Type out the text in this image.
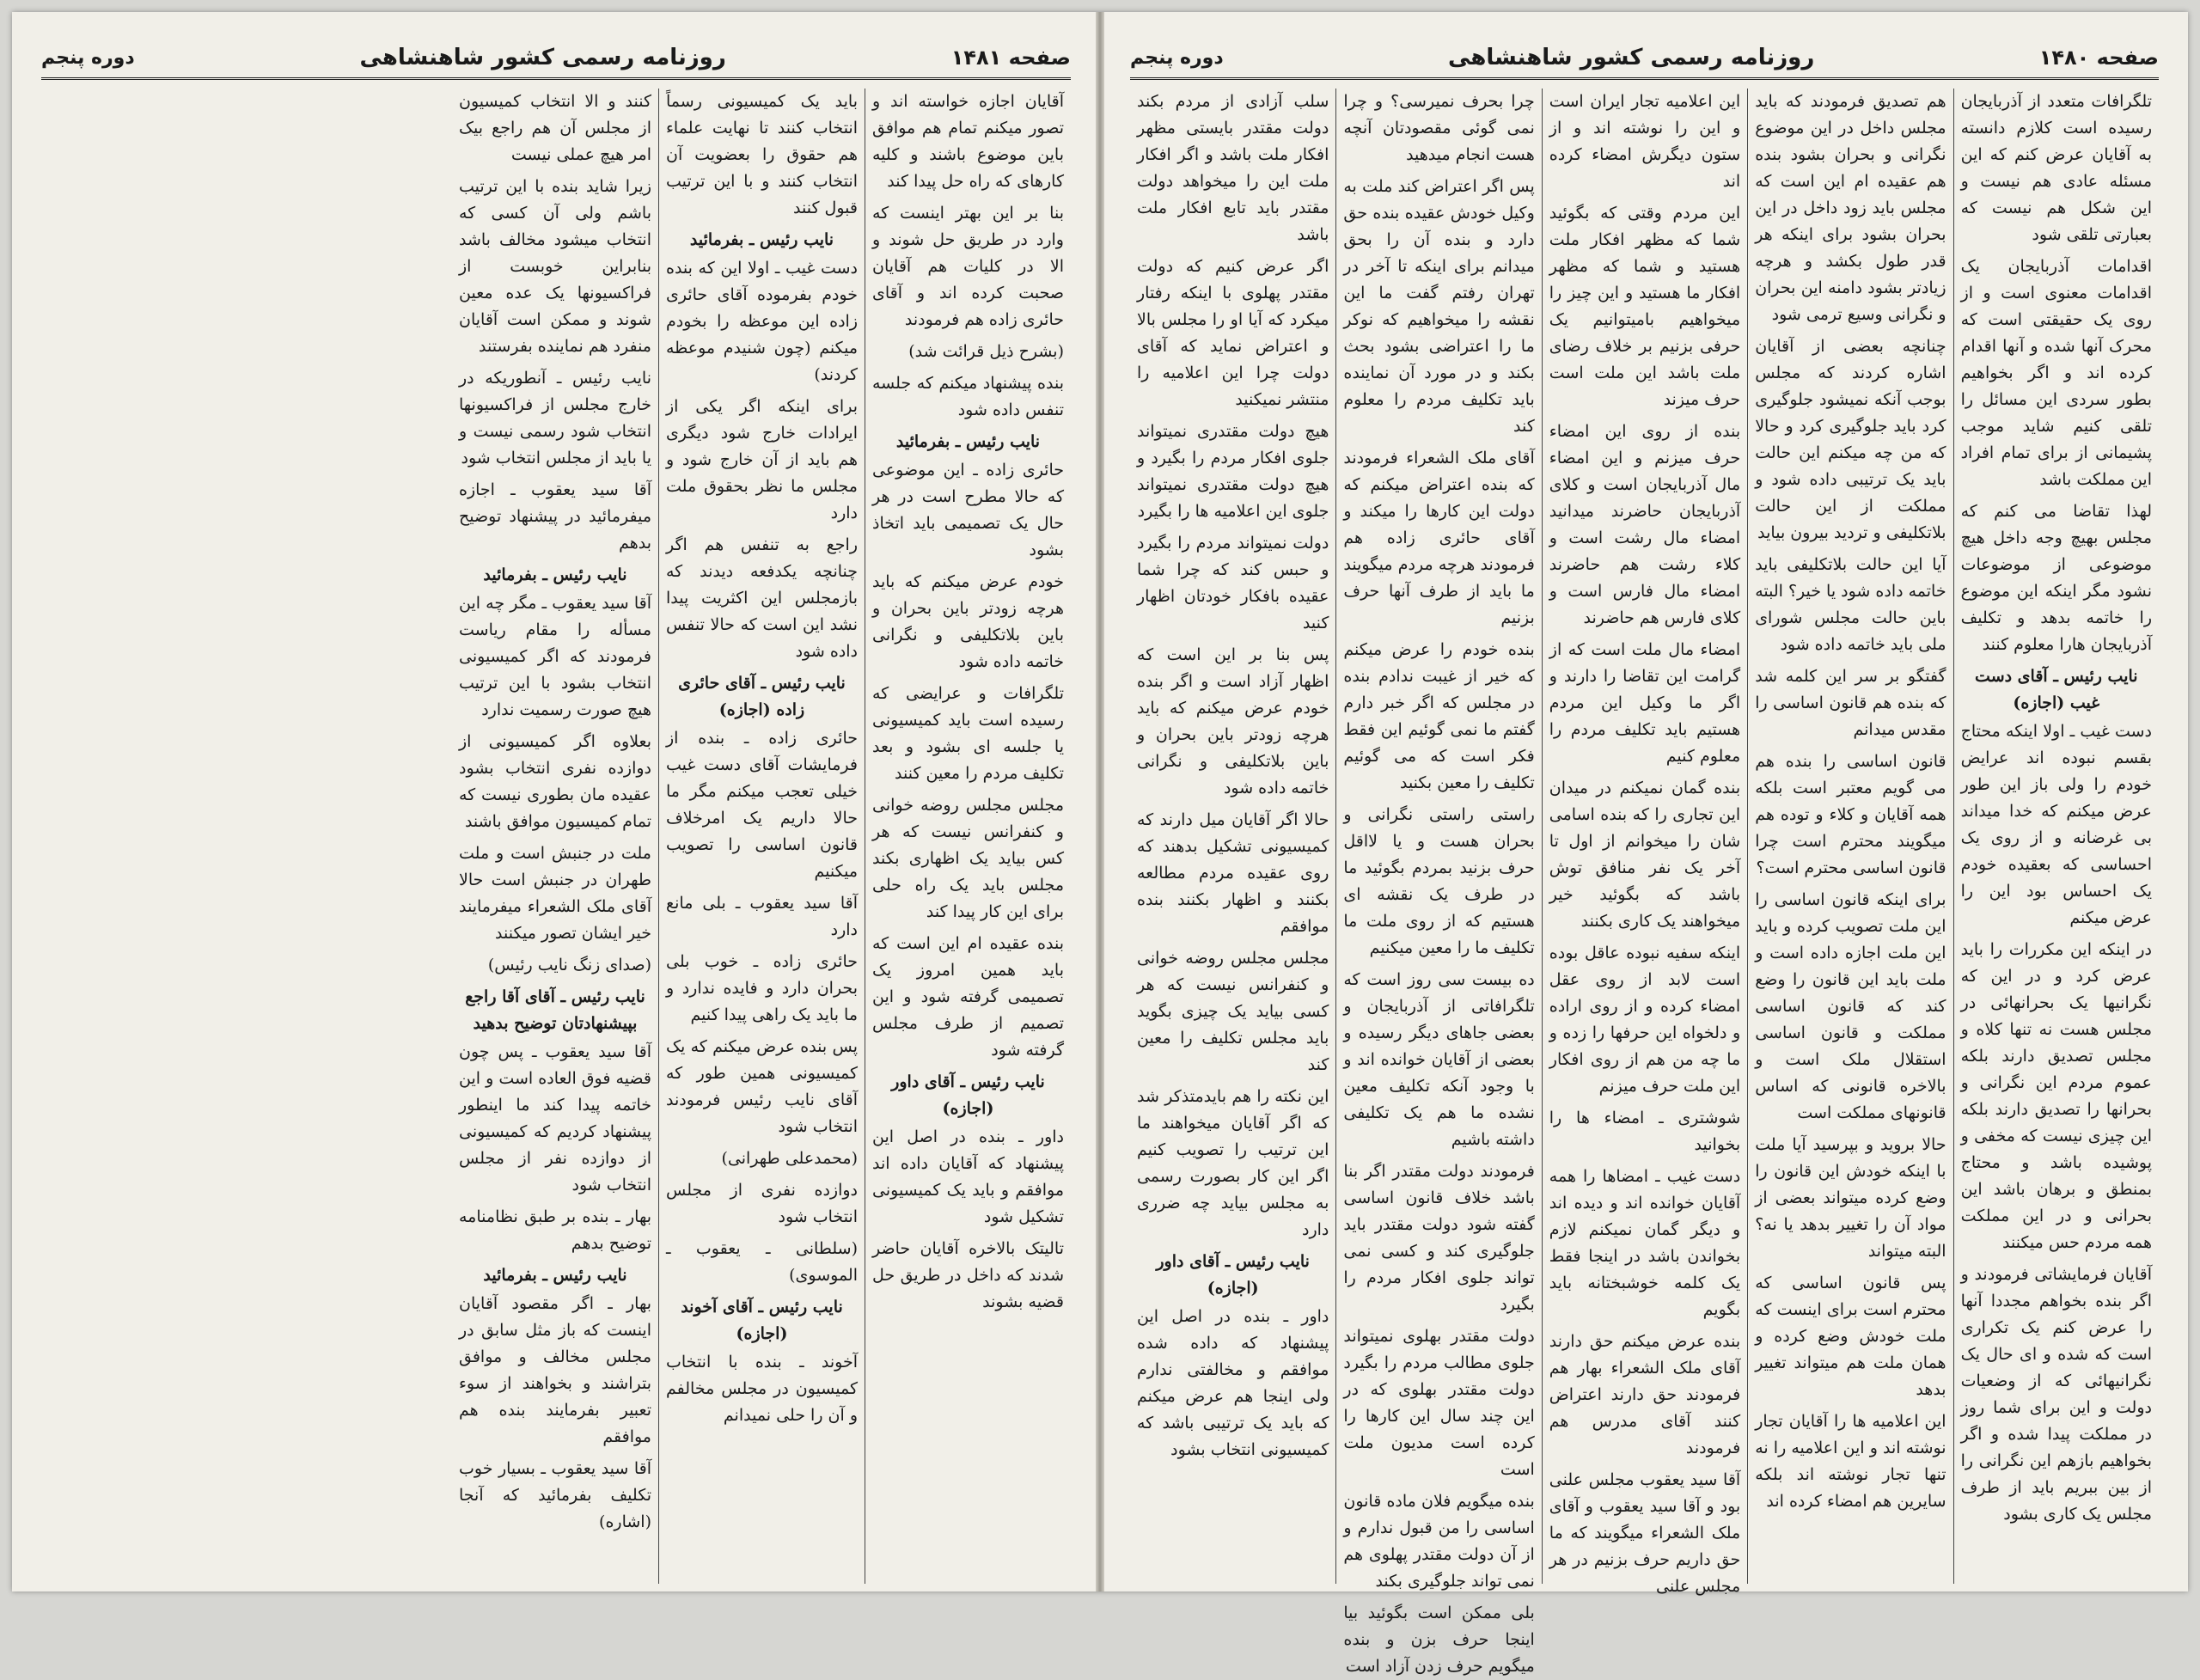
صفحه ۱۴۸۰
روزنامه رسمی کشور شاهنشاهی
دوره پنجم

تلگرافات متعدد از آذربایجان رسیده است کلازم دانسته به آقایان عرض کنم که این مسئله عادی هم نیست و این شکل هم نیست که بعبارتی تلقی شود

اقدامات آذربایجان یک اقدامات معنوی است و از روی یک حقیقتی است که محرک آنها شده و آنها اقدام کرده اند و اگر بخواهیم بطور سردی این مسائل را تلقی کنیم شاید موجب پشیمانی از برای تمام افراد این مملکت باشد

لهذا تقاضا می کنم که مجلس بهیچ وجه داخل هیچ موضوعی از موضوعات نشود مگر اینکه این موضوع را خاتمه بدهد و تکلیف آذربایجان هارا معلوم کنند

نایب رئیس ـ آقای دست غیب (اجازه)

دست غیب ـ اولا اینکه محتاج بقسم نبوده اند عرایض خودم را ولی باز این طور عرض میکنم که خدا میداند بی غرضانه و از روی یک احساسی که بعقیده خودم یک احساس بود این را عرض میکنم

در اینکه این مکررات را باید عرض کرد و در این که نگرانیها یک بحرانهائی در مجلس هست نه تنها کلاه و مجلس تصدیق دارند بلکه عموم مردم این نگرانی و بحرانها را تصدیق دارند بلکه این چیزی نیست که مخفی و پوشیده باشد و محتاج بمنطق و برهان باشد این بحرانی و در این مملکت همه مردم حس میکنند

آقایان فرمایشاتی فرمودند و اگر بنده بخواهم مجددا آنها را عرض کنم یک تکراری است که شده و ای حال یک نگرانیهائی که از وضعیات دولت و این برای شما روز در مملکت پیدا شده و اگر بخواهیم بازهم این نگرانی را از بین ببریم باید از طرف مجلس یک کاری بشود

هم تصدیق فرمودند که باید مجلس داخل در این موضوع نگرانی و بحران بشود بنده هم عقیده ام این است که مجلس باید زود داخل در این بحران بشود برای اینکه هر قدر طول بکشد و هرچه زیادتر بشود دامنه این بحران و نگرانی وسیع ترمی شود

چنانچه بعضی از آقایان اشاره کردند که مجلس بوجب آنکه نمیشود جلوگیری کرد باید جلوگیری کرد و حالا که من چه میکنم این حالت باید یک ترتیبی داده شود و مملکت از این حالت بلاتکلیفی و تردید بیرون بیاید

آیا این حالت بلاتکلیفی باید خاتمه داده شود یا خیر؟ البته باین حالت مجلس شورای ملی باید خاتمه داده شود

گفتگو بر سر این کلمه شد که بنده هم قانون اساسی را مقدس میدانم

قانون اساسی را بنده هم می گویم معتبر است بلکه همه آقایان و کلاء و توده هم میگویند محترم است چرا قانون اساسی محترم است؟

برای اینکه قانون اساسی را این ملت تصویب کرده و باید این ملت اجازه داده است و ملت باید این قانون را وضع کند که قانون اساسی مملکت و قانون اساسی استقلال ملک است و بالاخره قانونی که اساس قانونهای مملکت است

حالا بروید و بپرسید آیا ملت با اینکه خودش این قانون را وضع کرده میتواند بعضی از مواد آن را تغییر بدهد یا نه؟ البته میتواند

پس قانون اساسی که محترم است برای اینست که ملت خودش وضع کرده و همان ملت هم میتواند تغییر بدهد

این اعلامیه ها را آقایان تجار نوشته اند و این اعلامیه را نه تنها تجار نوشته اند بلکه سایرین هم امضاء کرده اند

این اعلامیه تجار ایران است و این را نوشته اند و از ستون دیگرش امضاء کرده اند

این مردم وقتی که بگوئید شما که مظهر افکار ملت هستید و شما که مظهر افکار ما هستید و این چیز را میخواهیم بامیتوانیم یک حرفی بزنیم بر خلاف رضای ملت باشد این ملت است حرف میزند

بنده از روی این امضاء حرف میزنم و این امضاء مال آذربایجان است و کلای آذربایجان حاضرند میدانید امضاء مال رشت است و کلاء رشت هم حاضرند امضاء مال فارس است و کلای فارس هم حاضرند

امضاء مال ملت است که از گرامت این تقاضا را دارند و اگر ما وکیل این مردم هستیم باید تکلیف مردم را معلوم کنیم

بنده گمان نمیکنم در میدان این تجاری را که بنده اسامی شان را میخوانم از اول تا آخر یک نفر منافق توش باشد که بگوئید خیر میخواهند یک کاری بکنند

اینکه سفیه نبوده عاقل بوده است لابد از روی عقل امضاء کرده و از روی اراده و دلخواه این حرفها را زده و ما چه من هم از روی افکار این ملت حرف میزنم

شوشتری ـ امضاء ها را بخوانید

دست غیب ـ امضاها را همه آقایان خوانده اند و دیده اند و دیگر گمان نمیکنم لازم بخواندن باشد در اینجا فقط یک کلمه خوشبختانه باید بگویم

بنده عرض میکنم حق دارند آقای ملک الشعراء بهار هم فرمودند حق دارند اعتراض کنند آقای مدرس هم فرمودند

آقا سید یعقوب مجلس علنی بود و آقا سید یعقوب و آقای ملک الشعراء میگویند که ما حق داریم حرف بزنیم در هر مجلس علنی

چرا بحرف نمیرسی؟ و چرا نمی گوئی مقصودتان آنچه هست انجام میدهید

پس اگر اعتراض کند ملت به وکیل خودش عقیده بنده حق دارد و بنده آن را بحق میدانم برای اینکه تا آخر در تهران رفتم گفت ما این نقشه را میخواهیم که نوکر ما را اعتراضی بشود بحث بکند و در مورد آن نماینده باید تکلیف مردم را معلوم کند

آقای ملک الشعراء فرمودند که بنده اعتراض میکنم که دولت این کارها را میکند و آقای حائری زاده هم فرمودند هرچه مردم میگویند ما باید از طرف آنها حرف بزنیم

بنده خودم را عرض میکنم که خیر از غیبت ندادم بنده در مجلس که اگر خبر دارم گفتم ما نمی گوئیم این فقط فکر است که می گوئیم تکلیف را معین بکنید

راستی راستی نگرانی و بحران هست و یا لااقل حرف بزنید بمردم بگوئید ما در طرف یک نقشه ای هستیم که از روی ملت ما تکلیف ما را معین میکنیم

ده بیست سی روز است که تلگرافاتی از آذربایجان و بعضی جاهای دیگر رسیده و بعضی از آقایان خوانده اند و با وجود آنکه تکلیف معین نشده ما هم یک تکلیفی داشته باشیم

فرمودند دولت مقتدر اگر بنا باشد خلاف قانون اساسی گفته شود دولت مقتدر باید جلوگیری کند و کسی نمی تواند جلوی افکار مردم را بگیرد

دولت مقتدر بهلوی نمیتواند جلوی مطالب مردم را بگیرد دولت مقتدر بهلوی که در این چند سال این کارها را کرده است مدیون ملت است

بنده میگویم فلان ماده قانون اساسی را من قبول ندارم و از آن دولت مقتدر پهلوی هم نمی تواند جلوگیری بکند

بلی ممکن است بگوئید بیا اینجا حرف بزن و بنده میگویم حرف زدن آزاد است

سلب آزادی از مردم بکند دولت مقتدر بایستی مظهر افکار ملت باشد و اگر افکار ملت این را میخواهد دولت مقتدر باید تابع افکار ملت باشد

اگر عرض کنیم که دولت مقتدر پهلوی با اینکه رفتار میکرد که آیا او را مجلس بالا و اعتراض نماید که آقای دولت چرا این اعلامیه را منتشر نمیکنید

هیچ دولت مقتدری نمیتواند جلوی افکار مردم را بگیرد و هیچ دولت مقتدری نمیتواند جلوی این اعلامیه ها را بگیرد

دولت نمیتواند مردم را بگیرد و حبس کند که چرا شما عقیده بافکار خودتان اظهار کنید

پس بنا بر این است که اظهار آزاد است و اگر بنده خودم عرض میکنم که باید هرچه زودتر باین بحران و باین بلاتکلیفی و نگرانی خاتمه داده شود

حالا اگر آقایان میل دارند که کمیسیونی تشکیل بدهند که روی عقیده مردم مطالعه بکنند و اظهار بکنند بنده موافقم

مجلس مجلس روضه خوانی و کنفرانس نیست که هر کسی بیاید یک چیزی بگوید باید مجلس تکلیف را معین کند

این نکته را هم بایدمتذکر شد که اگر آقایان میخواهند ما این ترتیب را تصویب کنیم اگر این کار بصورت رسمی به مجلس بیاید چه ضرری دارد

نایب رئیس ـ آقای داور (اجازه)

داور ـ بنده در اصل این پیشنهاد که داده شده موافقم و مخالفتی ندارم ولی اینجا هم عرض میکنم که باید یک ترتیبی باشد که کمیسیونی انتخاب بشود

صفحه ۱۴۸۱
روزنامه رسمی کشور شاهنشاهی
دوره پنجم

آقایان اجازه خواسته اند و تصور میکنم تمام هم موافق باین موضوع باشند و کلیه کارهای که راه حل پیدا کند

بنا بر این بهتر اینست که وارد در طریق حل شوند و الا در کلیات هم آقایان صحبت کرده اند و آقای حائری زاده هم فرمودند

(بشرح ذیل قرائت شد)

بنده پیشنهاد میکنم که جلسه تنفس داده شود

نایب رئیس ـ بفرمائید

حائری زاده ـ این موضوعی که حالا مطرح است در هر حال یک تصمیمی باید اتخاذ بشود

خودم عرض میکنم که باید هرچه زودتر باین بحران و باین بلاتکلیفی و نگرانی خاتمه داده شود

تلگرافات و عرایضی که رسیده است باید کمیسیونی یا جلسه ای بشود و بعد تکلیف مردم را معین کنند

مجلس مجلس روضه خوانی و کنفرانس نیست که هر کس بیاید یک اظهاری بکند مجلس باید یک راه حلی برای این کار پیدا کند

بنده عقیده ام این است که باید همین امروز یک تصمیمی گرفته شود و این تصمیم از طرف مجلس گرفته شود

نایب رئیس ـ آقای داور (اجازه)

داور ـ بنده در اصل این پیشنهاد که آقایان داده اند موافقم و باید یک کمیسیونی تشکیل شود

تالیتک بالاخره آقایان حاضر شدند که داخل در طریق حل قضیه بشوند

باید یک کمیسیونی رسماً انتخاب کنند تا نهایت علماء هم حقوق را بعضویت آن انتخاب کنند و با این ترتیب قبول کنند

نایب رئیس ـ بفرمائید

دست غیب ـ اولا این که بنده خودم بفرموده آقای حائری زاده این موعظه را بخودم میکنم (چون شنیدم موعظه کردند)

برای اینکه اگر یکی از ایرادات خارج شود دیگری هم باید از آن خارج شود و مجلس ما نظر بحقوق ملت دارد

راجع به تنفس هم اگر چنانچه یکدفعه دیدند که بازمجلس این اکثریت پیدا نشد این است که حالا تنفس داده شود

نایب رئیس ـ آقای حائری زاده (اجازه)

حائری زاده ـ بنده از فرمایشات آقای دست غیب خیلی تعجب میکنم مگر ما حالا داریم یک امرخلاف قانون اساسی را تصویب میکنیم

آقا سید یعقوب ـ بلی مانع دارد

حائری زاده ـ خوب بلی بحران دارد و فایده ندارد و ما باید یک راهی پیدا کنیم

پس بنده عرض میکنم که یک کمیسیونی همین طور که آقای نایب رئیس فرمودند انتخاب شود

(محمدعلی طهرانی)

دوازده نفری از مجلس انتخاب شود

(سلطانی ـ یعقوب ـ الموسوی)

نایب رئیس ـ آقای آخوند (اجازه)

آخوند ـ بنده با انتخاب کمیسیون در مجلس مخالفم و آن را حلی نمیدانم

کنند و الا انتخاب کمیسیون از مجلس آن هم راجع بیک امر هیچ عملی نیست

زیرا شاید بنده با این ترتیب باشم ولی آن کسی که انتخاب میشود مخالف باشد بنابراین خوبست از فراکسیونها یک عده معین شوند و ممکن است آقایان منفرد هم نماینده بفرستند

نایب رئیس ـ آنطوریکه در خارج مجلس از فراکسیونها انتخاب شود رسمی نیست و یا باید از مجلس انتخاب شود

آقا سید یعقوب ـ اجازه میفرمائید در پیشنهاد توضیح بدهم

نایب رئیس ـ بفرمائید

آقا سید یعقوب ـ مگر چه این مسأله را مقام ریاست فرمودند که اگر کمیسیونی انتخاب بشود با این ترتیب هیچ صورت رسمیت ندارد

بعلاوه اگر کمیسیونی از دوازده نفری انتخاب بشود عقیده مان بطوری نیست که تمام کمیسیون موافق باشند

ملت در جنبش است و ملت طهران در جنبش است حالا آقای ملک الشعراء میفرمایند خیر ایشان تصور میکنند

(صدای زنگ نایب رئیس)

نایب رئیس ـ آقای آقا راجع بپیشنهادتان توضیح بدهید

آقا سید یعقوب ـ پس چون قضیه فوق العاده است و این خاتمه پیدا کند ما اینطور پیشنهاد کردیم که کمیسیونی از دوازده نفر از مجلس انتخاب شود

بهار ـ بنده بر طبق نظامنامه توضیح بدهم

نایب رئیس ـ بفرمائید

بهار ـ اگر مقصود آقایان اینست که باز مثل سابق در مجلس مخالف و موافق بتراشند و بخواهند از سوء تعبیر بفرمایند بنده هم موافقم

آقا سید یعقوب ـ بسیار خوب تکلیف بفرمائید که آنجا (اشاره)
